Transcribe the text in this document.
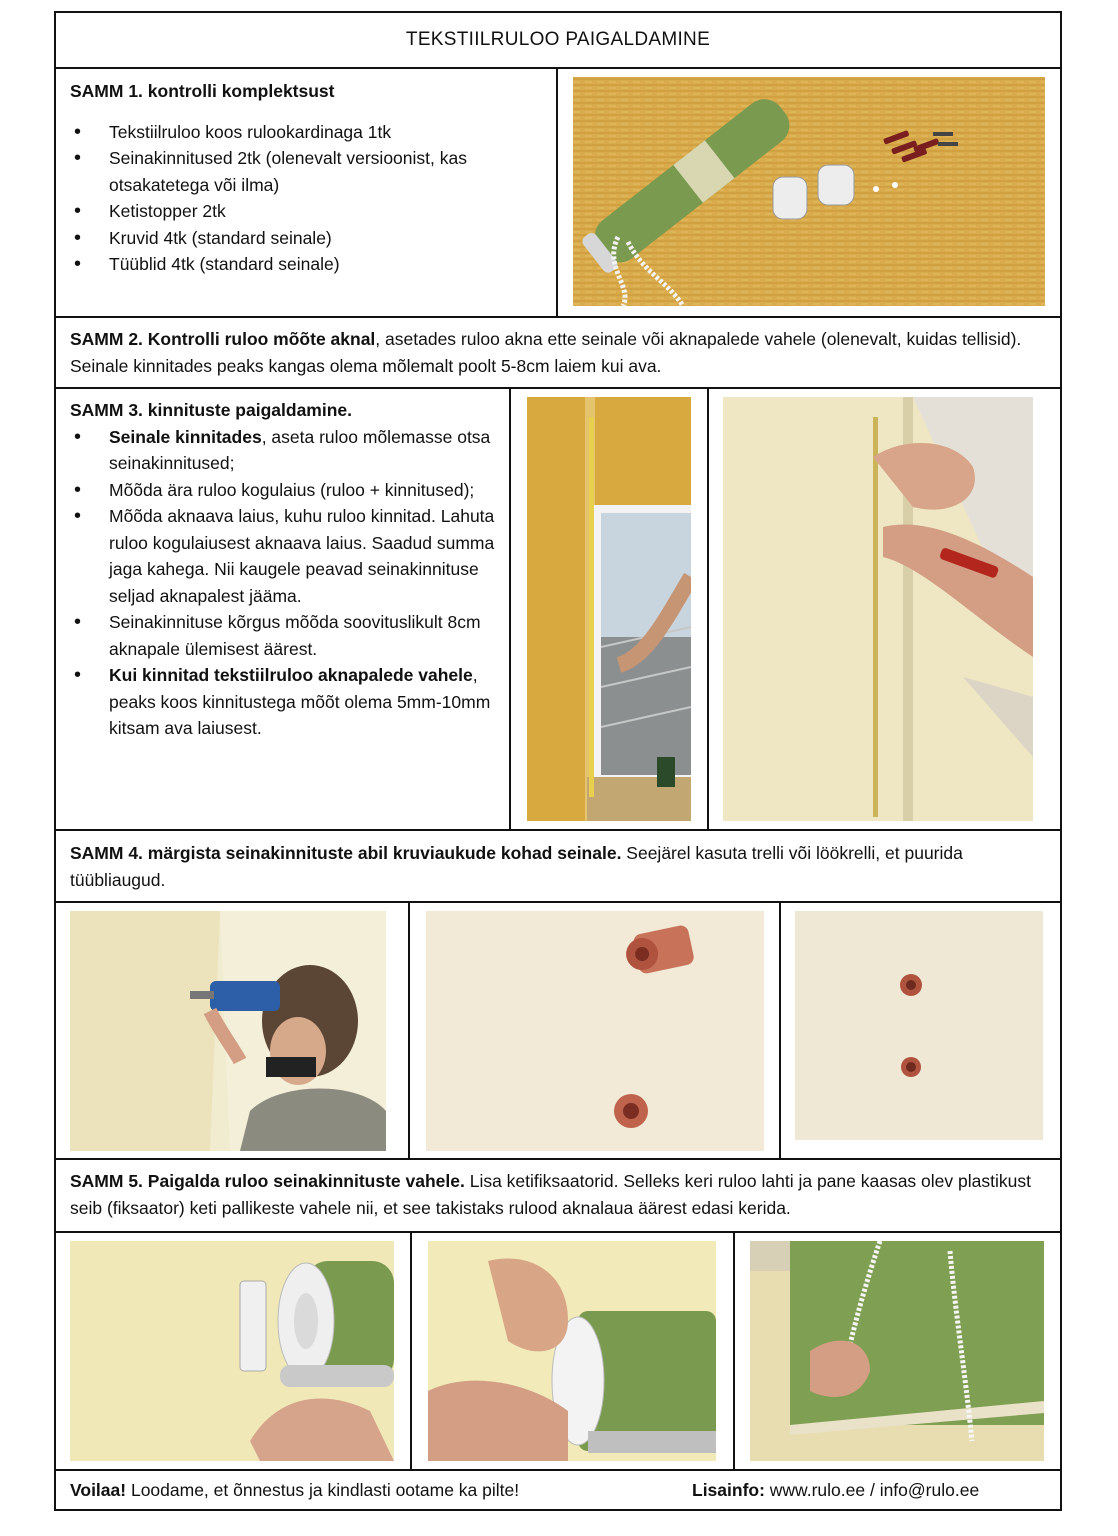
TEKSTIILRULOO PAIGALDAMINE
SAMM 1. kontrolli komplektsust
• Tekstiilruloo koos rulookardinaga 1tk
• Seinakinnitused 2tk (olenevalt versioonist, kas otsakatetega või ilma)
• Ketistopper 2tk
• Kruvid 4tk (standard seinale)
• Tüüblid 4tk (standard seinale)
SAMM 2. Kontrolli ruloo mõõte aknal, asetades ruloo akna ette seinale või aknapalede vahele (olenevalt, kuidas tellisid). Seinale kinnitades peaks kangas olema mõlemalt poolt 5-8cm laiem kui ava.
SAMM 3. kinnituste paigaldamine.
• Seinale kinnitades, aseta ruloo mõlemasse otsa seinakinnitused;
• Mõõda ära ruloo kogulaius (ruloo + kinnitused);
• Mõõda aknaava laius, kuhu ruloo kinnitad. Lahuta ruloo kogulaiusest aknaava laius. Saadud summa jaga kahega. Nii kaugele peavad seinakinnituse seljad aknapalest jääma.
• Seinakinnituse kõrgus mõõda soovituslikult 8cm aknapale ülemisest äärest.
• Kui kinnitad tekstiilruloo aknapalede vahele, peaks koos kinnitustega mõõt olema 5mm-10mm kitsam ava laiusest.
SAMM 4. märgista seinakinnituste abil kruviaukude kohad seinale. Seejärel kasuta trelli või löökrelli, et puurida tüübliaugud.
SAMM 5. Paigalda ruloo seinakinnituste vahele. Lisa ketifiksaatorid. Selleks keri ruloo lahti ja pane kaasas olev plastikust seib (fiksaator) keti pallikeste vahele nii, et see takistaks rulood aknalaua äärest edasi kerida.
Voilaa! Loodame, et õnnestus ja kindlasti ootame ka pilte!	Lisainfo: www.rulo.ee / info@rulo.ee
